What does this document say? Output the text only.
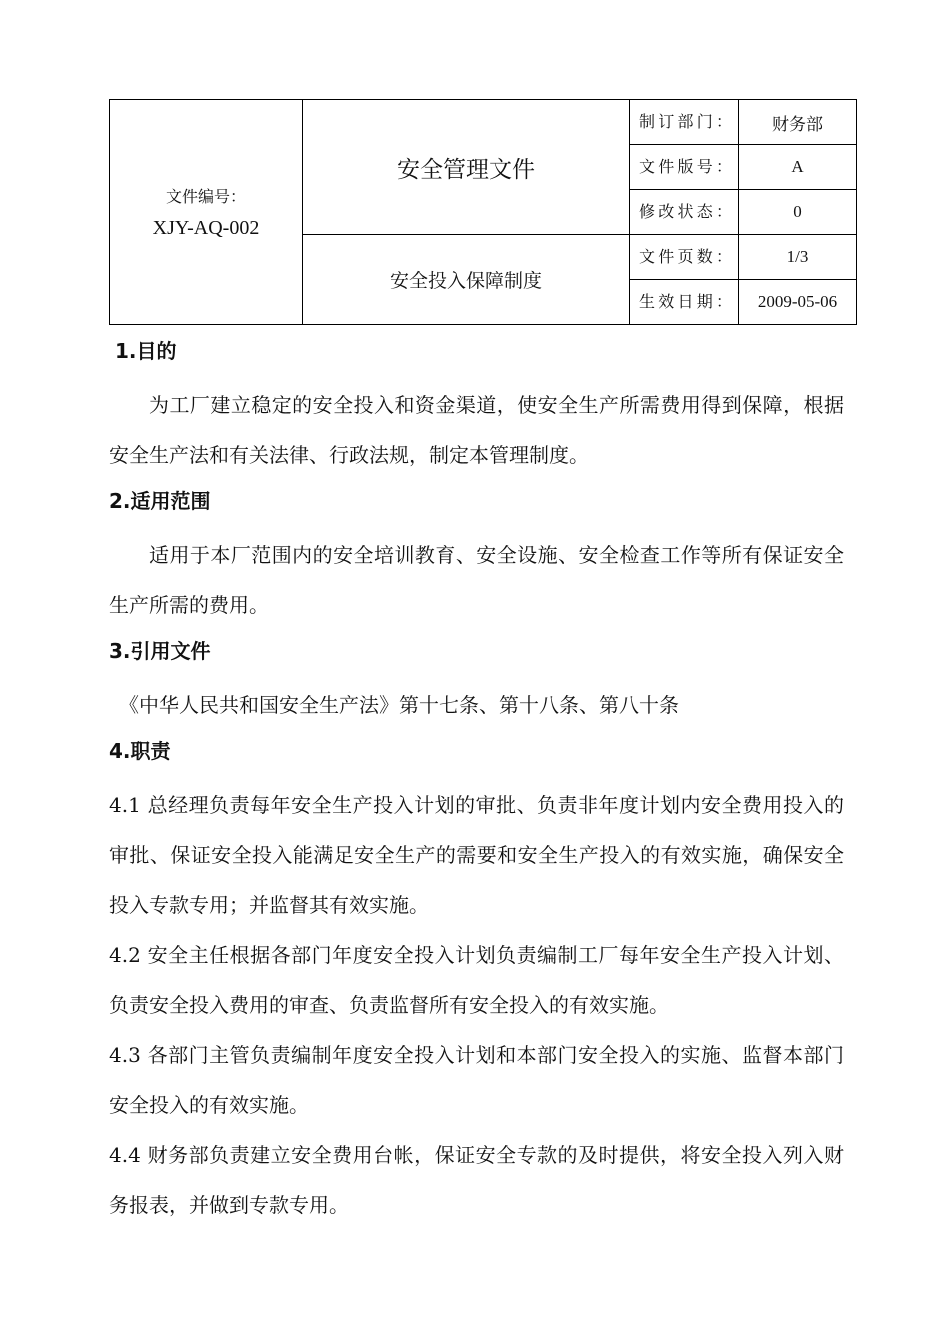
文件编号：
XJY-AQ-002	安全管理文件	制订部门：	财务部

		文件版号：	A

		修改状态：	0

	安全投入保障制度	文件页数：	1/3

		生效日期：	2009-05-06
1.目的
为工厂建立稳定的安全投入和资金渠道，使安全生产所需费用得到保障，根据安全生产法和有关法律、行政法规，制定本管理制度。
2.适用范围
适用于本厂范围内的安全培训教育、安全设施、安全检查工作等所有保证安全生产所需的费用。
3.引用文件
《中华人民共和国安全生产法》第十七条、第十八条、第八十条
4.职责
4.1 总经理负责每年安全生产投入计划的审批、负责非年度计划内安全费用投入的审批、保证安全投入能满足安全生产的需要和安全生产投入的有效实施，确保安全投入专款专用；并监督其有效实施。
4.2 安全主任根据各部门年度安全投入计划负责编制工厂每年安全生产投入计划、负责安全投入费用的审查、负责监督所有安全投入的有效实施。
4.3 各部门主管负责编制年度安全投入计划和本部门安全投入的实施、监督本部门安全投入的有效实施。
4.4 财务部负责建立安全费用台帐，保证安全专款的及时提供，将安全投入列入财务报表，并做到专款专用。
